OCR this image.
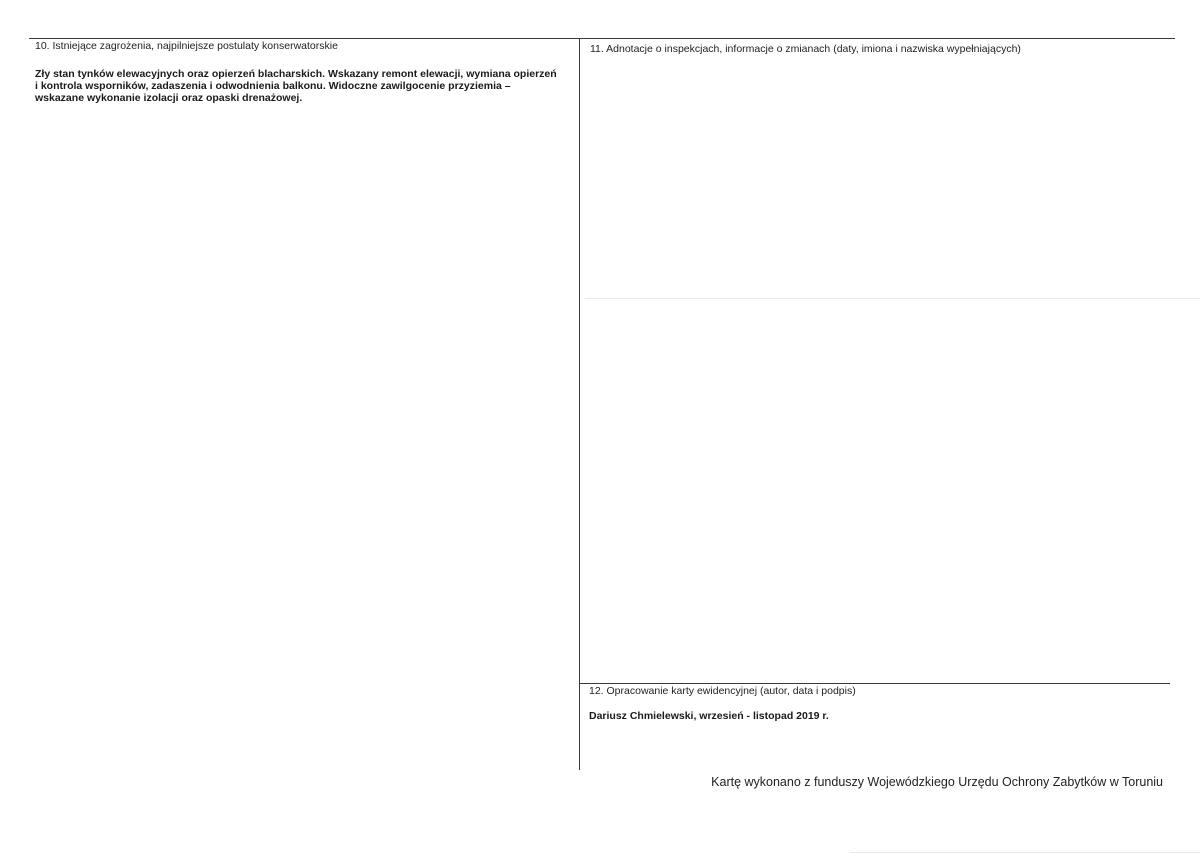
10. Istniejące zagrożenia, najpilniejsze postulaty konserwatorskie
Zły stan tynków elewacyjnych oraz opierzeń blacharskich. Wskazany remont elewacji, wymiana opierzeń i kontrola wsporników, zadaszenia i odwodnienia balkonu. Widoczne zawilgocenie przyziemia – wskazane wykonanie izolacji oraz opaski drenażowej.
11. Adnotacje o inspekcjach, informacje o zmianach (daty, imiona i nazwiska wypełniających)
12. Opracowanie karty ewidencyjnej (autor, data i podpis)
Dariusz Chmielewski, wrzesień - listopad 2019 r.
Kartę wykonano z funduszy Wojewódzkiego Urzędu Ochrony Zabytków w Toruniu
